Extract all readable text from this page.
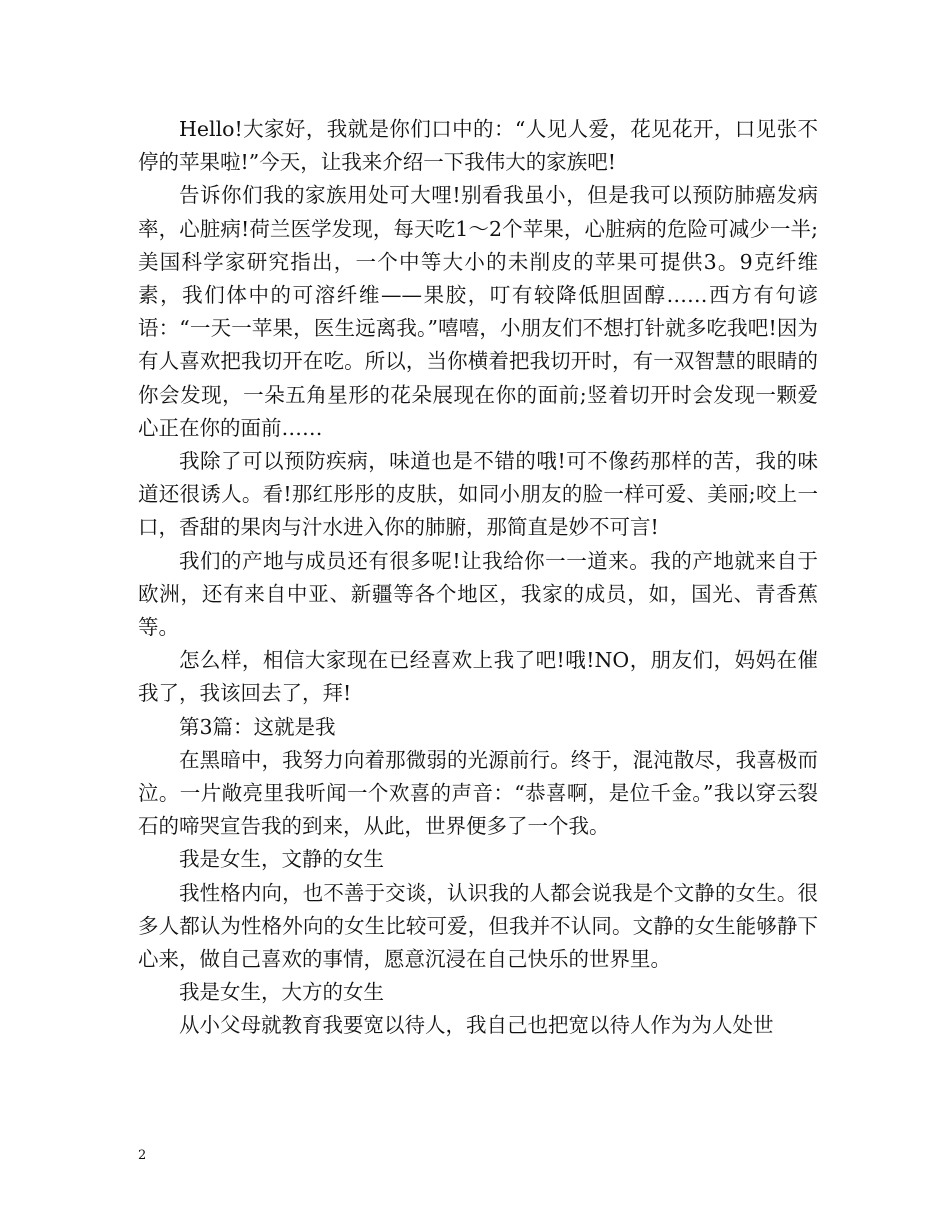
Hello!大家好，我就是你们口中的：“人见人爱，花见花开，口见张不停的苹果啦!”今天，让我来介绍一下我伟大的家族吧!

告诉你们我的家族用处可大哩!别看我虽小，但是我可以预防肺癌发病率，心脏病!荷兰医学发现，每天吃1～2个苹果，心脏病的危险可减少一半;美国科学家研究指出，一个中等大小的未削皮的苹果可提供3。9克纤维素，我们体中的可溶纤维——果胶，叮有较降低胆固醇……西方有句谚语：“一天一苹果，医生远离我。”嘻嘻，小朋友们不想打针就多吃我吧!因为有人喜欢把我切开在吃。所以，当你横着把我切开时，有一双智慧的眼睛的你会发现，一朵五角星形的花朵展现在你的面前;竖着切开时会发现一颗爱心正在你的面前……

我除了可以预防疾病，味道也是不错的哦!可不像药那样的苦，我的味道还很诱人。看!那红彤彤的皮肤，如同小朋友的脸一样可爱、美丽;咬上一口，香甜的果肉与汁水进入你的肺腑，那简直是妙不可言!

我们的产地与成员还有很多呢!让我给你一一道来。我的产地就来自于欧洲，还有来自中亚、新疆等各个地区，我家的成员，如，国光、青香蕉等。

怎么样，相信大家现在已经喜欢上我了吧!哦!NO，朋友们，妈妈在催我了，我该回去了，拜!

第3篇：这就是我

在黑暗中，我努力向着那微弱的光源前行。终于，混沌散尽，我喜极而泣。一片敞亮里我听闻一个欢喜的声音：“恭喜啊，是位千金。”我以穿云裂石的啼哭宣告我的到来，从此，世界便多了一个我。

我是女生，文静的女生

我性格内向，也不善于交谈，认识我的人都会说我是个文静的女生。很多人都认为性格外向的女生比较可爱，但我并不认同。文静的女生能够静下心来，做自己喜欢的事情，愿意沉浸在自己快乐的世界里。

我是女生，大方的女生

从小父母就教育我要宽以待人，我自己也把宽以待人作为为人处世

2
